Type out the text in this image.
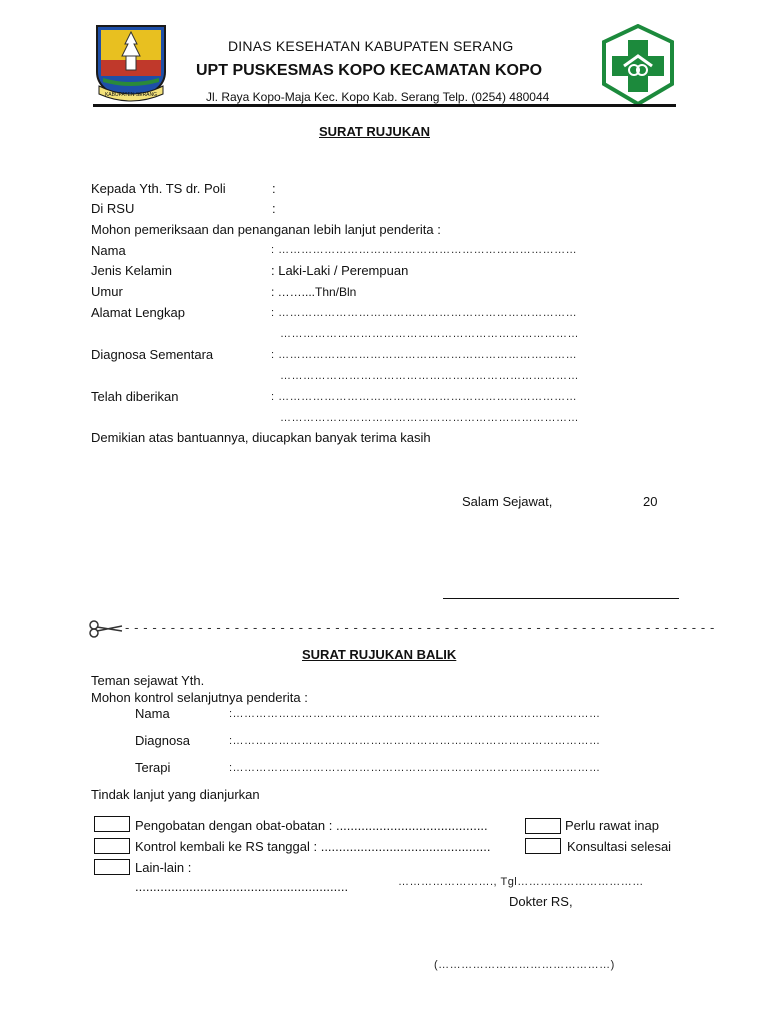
KABUPATEN SERANG
DINAS KESEHATAN KABUPATEN SERANG
UPT PUSKESMAS KOPO KECAMATAN KOPO
Jl. Raya Kopo-Maja Kec. Kopo Kab. Serang Telp. (0254) 480044
SURAT RUJUKAN
Kepada Yth. TS dr. Poli	:
Di RSU	:
Mohon pemeriksaan dan penanganan lebih lanjut penderita :
Nama	: ……………………………………………………………………
Jenis Kelamin	: Laki-Laki / Perempuan
Umur	: ……....Thn/Bln
Alamat Lengkap	: ……………………………………………………………………
……………………………………………………………………
Diagnosa Sementara	: ……………………………………………………………………
……………………………………………………………………
Telah diberikan	: ……………………………………………………………………
……………………………………………………………………
Demikian atas bantuannya, diucapkan banyak terima kasih
Salam Sejawat,	20
- - - - - - - - - - - - - - - - - - - - - - - - - - - - - - - - - - - - - - - - - - - - - - - - - - - - - - - - - - - - - - - - -
SURAT RUJUKAN BALIK
Teman sejawat Yth.
Mohon kontrol selanjutnya penderita :
Nama	:……………………………………………………………………………………
Diagnosa	:……………………………………………………………………………………
Terapi	:……………………………………………………………………………………
Tindak lanjut yang dianjurkan
Pengobatan dengan obat-obatan : ..........................................
Kontrol kembali ke RS tanggal : ...............................................
Lain-lain :
...........................................................
Perlu rawat inap
Konsultasi selesai
……………………., Tgl……………………………
Dokter RS,
(………………………………………)
